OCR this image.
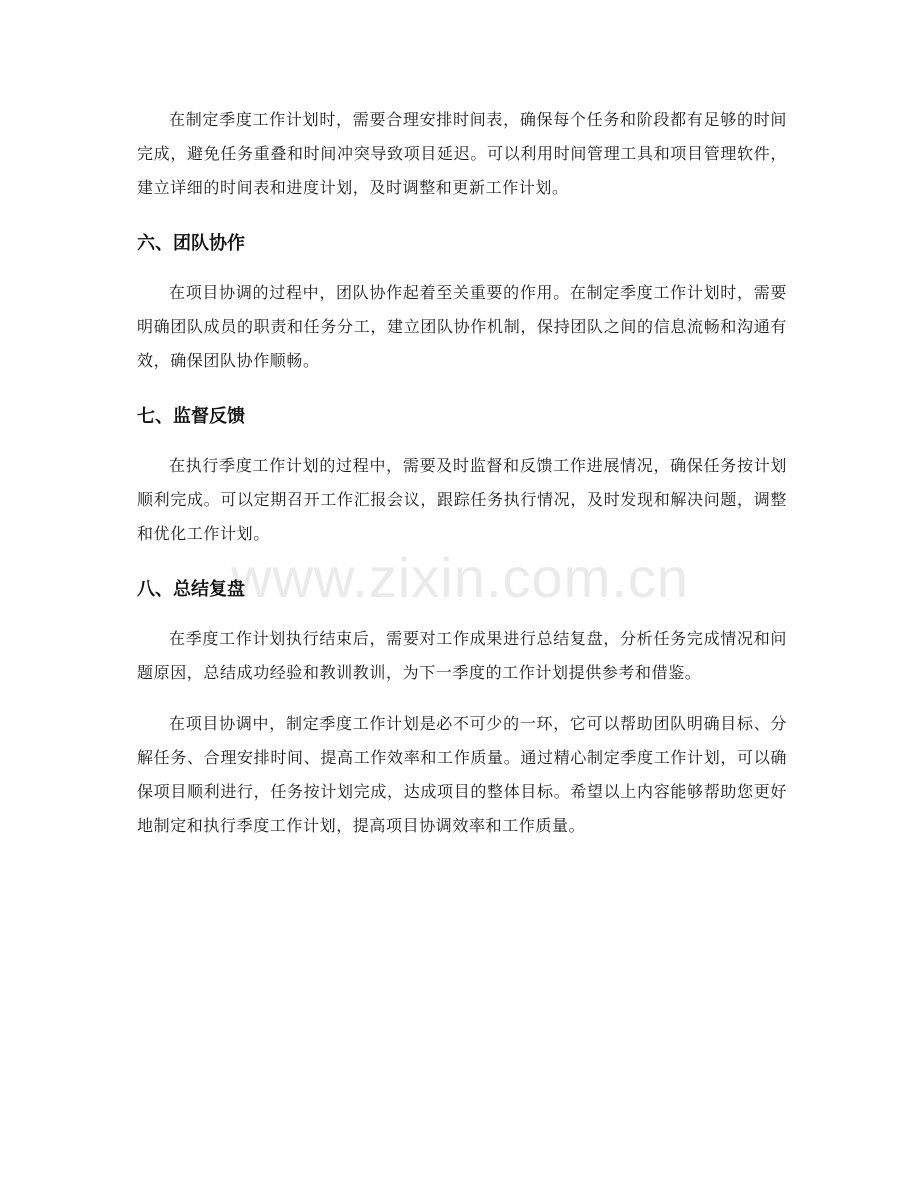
www.zixin.com.cn

在制定季度工作计划时，需要合理安排时间表，确保每个任务和阶段都有足够的时间完成，避免任务重叠和时间冲突导致项目延迟。可以利用时间管理工具和项目管理软件，建立详细的时间表和进度计划，及时调整和更新工作计划。

六、团队协作

在项目协调的过程中，团队协作起着至关重要的作用。在制定季度工作计划时，需要明确团队成员的职责和任务分工，建立团队协作机制，保持团队之间的信息流畅和沟通有效，确保团队协作顺畅。

七、监督反馈

在执行季度工作计划的过程中，需要及时监督和反馈工作进展情况，确保任务按计划顺利完成。可以定期召开工作汇报会议，跟踪任务执行情况，及时发现和解决问题，调整和优化工作计划。

八、总结复盘

在季度工作计划执行结束后，需要对工作成果进行总结复盘，分析任务完成情况和问题原因，总结成功经验和教训教训，为下一季度的工作计划提供参考和借鉴。

在项目协调中，制定季度工作计划是必不可少的一环，它可以帮助团队明确目标、分解任务、合理安排时间、提高工作效率和工作质量。通过精心制定季度工作计划，可以确保项目顺利进行，任务按计划完成，达成项目的整体目标。希望以上内容能够帮助您更好地制定和执行季度工作计划，提高项目协调效率和工作质量。
